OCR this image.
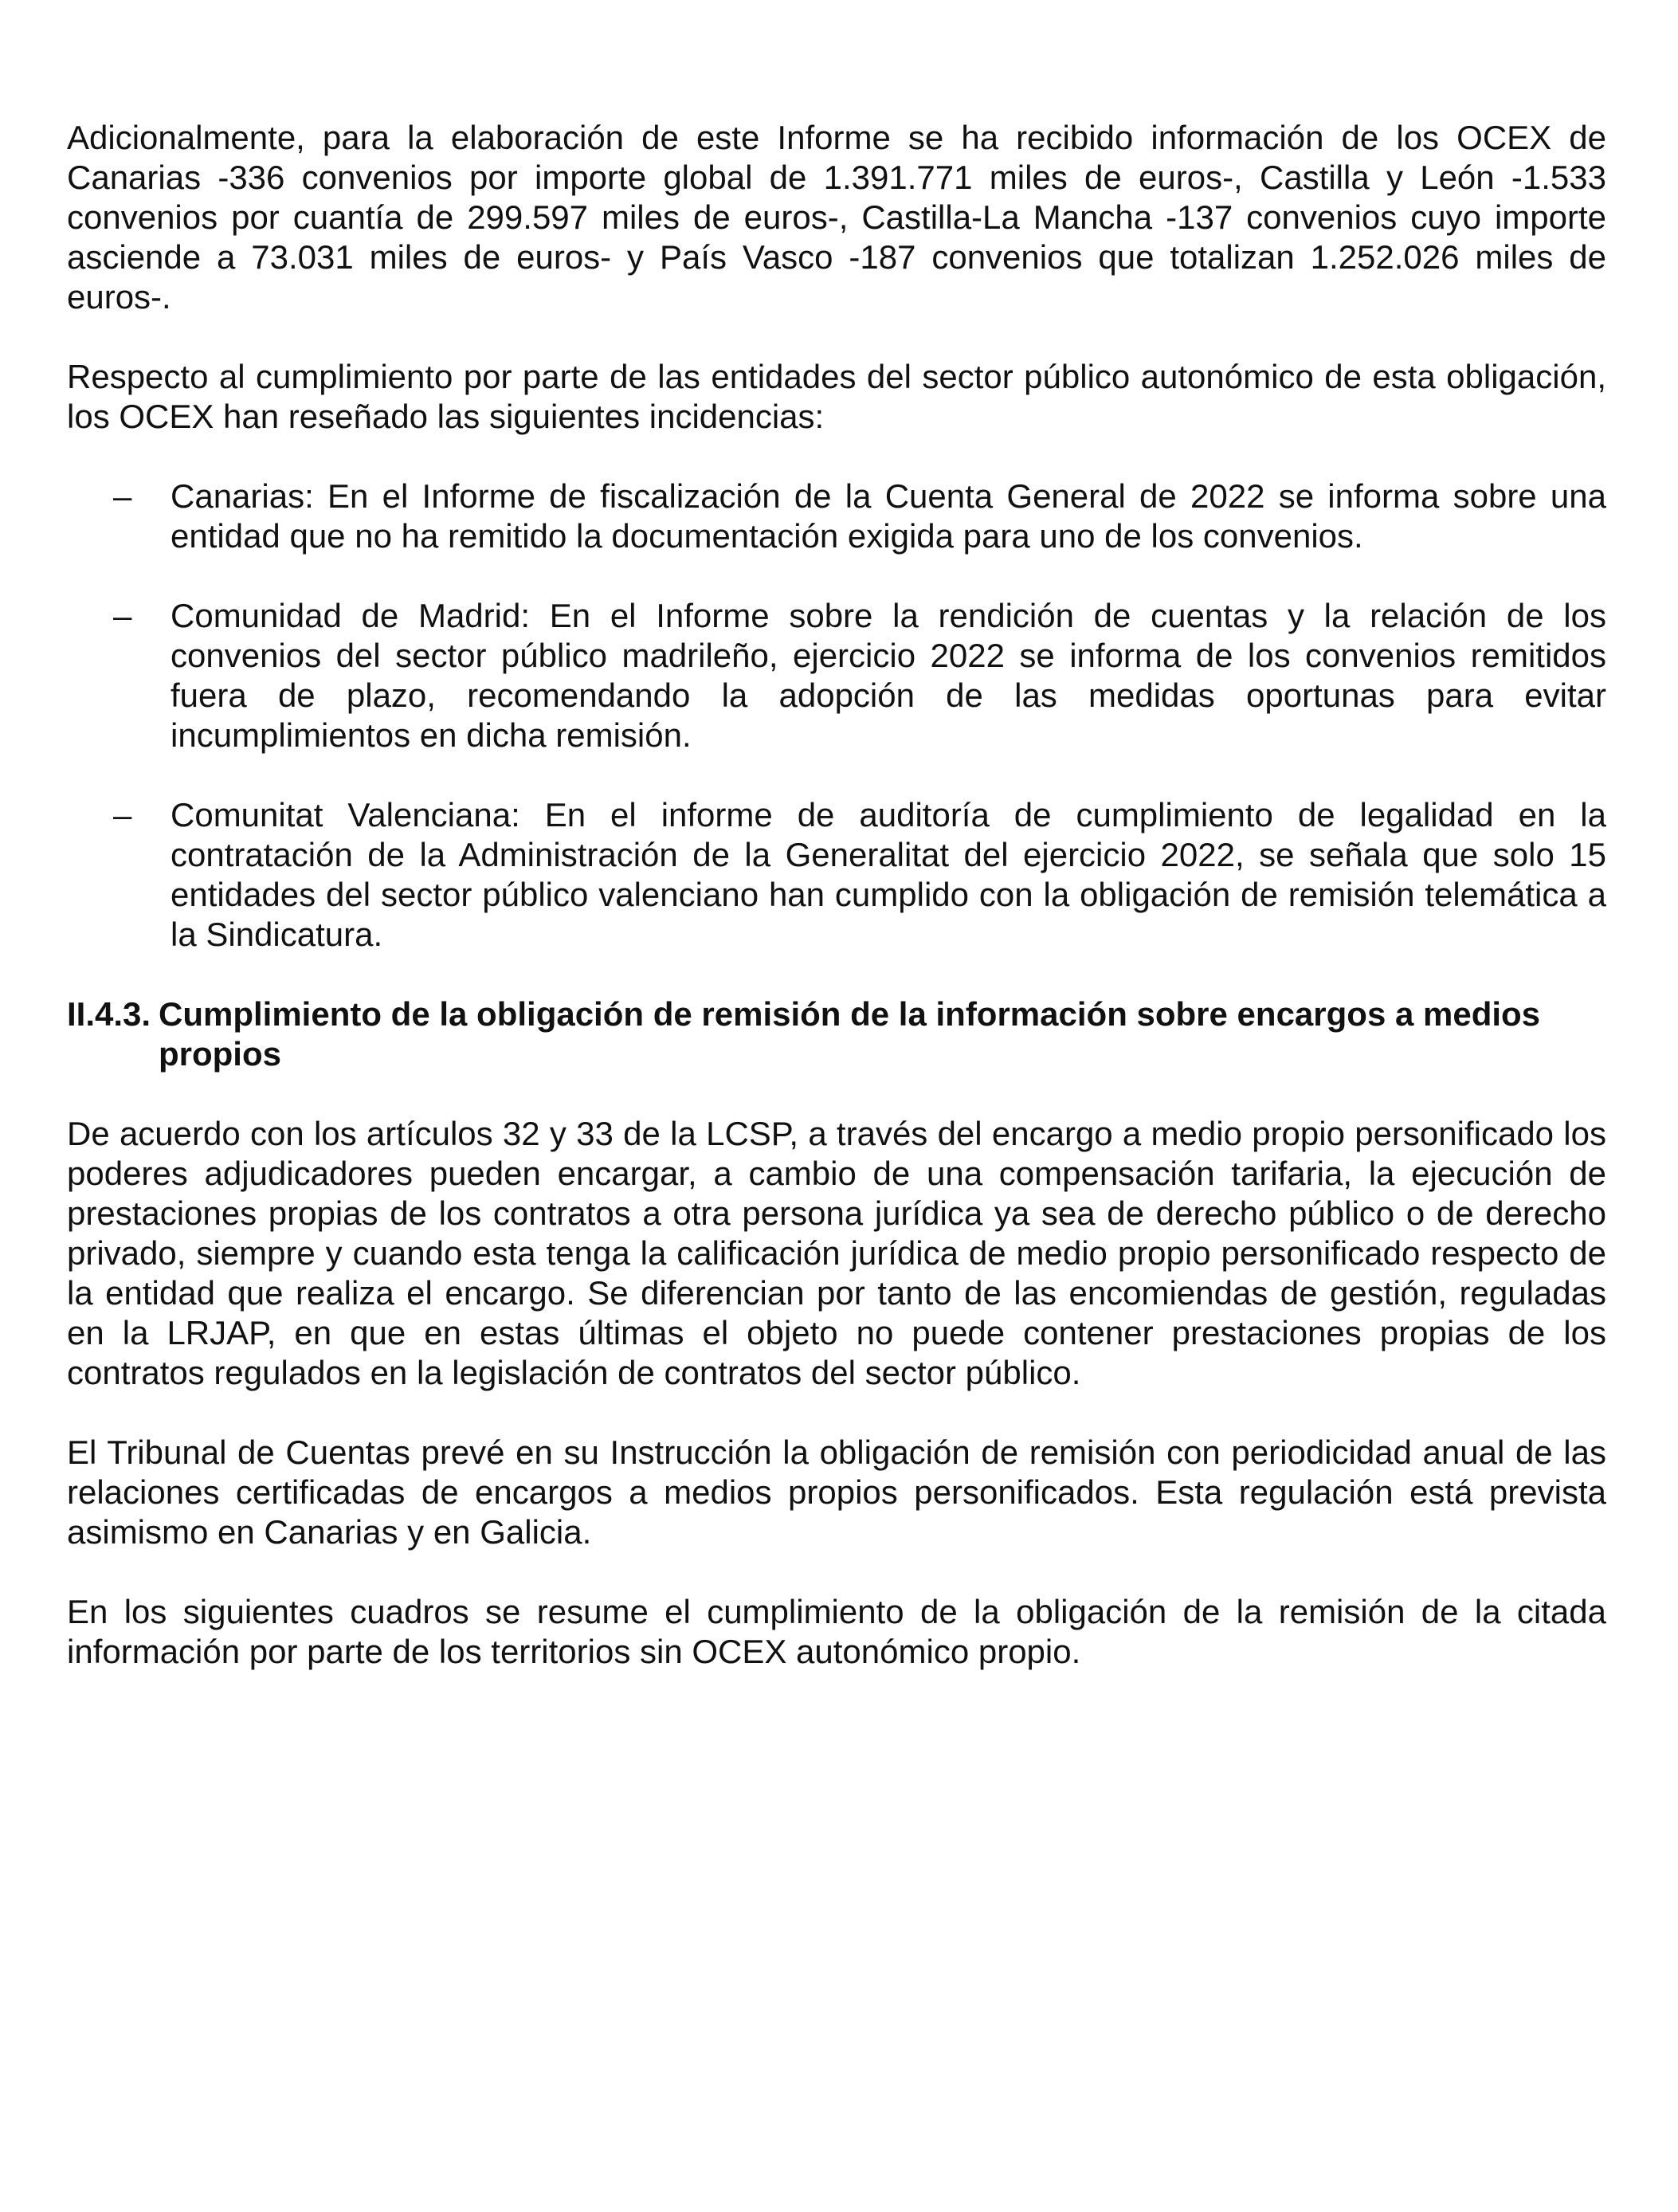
Adicionalmente, para la elaboración de este Informe se ha recibido información de los OCEX de Canarias -336 convenios por importe global de 1.391.771 miles de euros-, Castilla y León -1.533 convenios por cuantía de 299.597 miles de euros-, Castilla-La Mancha -137 convenios cuyo importe asciende a 73.031 miles de euros- y País Vasco -187 convenios que totalizan 1.252.026 miles de euros-.

Respecto al cumplimiento por parte de las entidades del sector público autonómico de esta obligación, los OCEX han reseñado las siguientes incidencias:

– Canarias: En el Informe de fiscalización de la Cuenta General de 2022 se informa sobre una entidad que no ha remitido la documentación exigida para uno de los convenios.
– Comunidad de Madrid: En el Informe sobre la rendición de cuentas y la relación de los convenios del sector público madrileño, ejercicio 2022 se informa de los convenios remitidos fuera de plazo, recomendando la adopción de las medidas oportunas para evitar incumplimientos en dicha remisión.
– Comunitat Valenciana: En el informe de auditoría de cumplimiento de legalidad en la contratación de la Administración de la Generalitat del ejercicio 2022, se señala que solo 15 entidades del sector público valenciano han cumplido con la obligación de remisión telemática a la Sindicatura.
II.4.3. Cumplimiento de la obligación de remisión de la información sobre encargos a medios propios

De acuerdo con los artículos 32 y 33 de la LCSP, a través del encargo a medio propio personificado los poderes adjudicadores pueden encargar, a cambio de una compensación tarifaria, la ejecución de prestaciones propias de los contratos a otra persona jurídica ya sea de derecho público o de derecho privado, siempre y cuando esta tenga la calificación jurídica de medio propio personificado respecto de la entidad que realiza el encargo. Se diferencian por tanto de las encomiendas de gestión, reguladas en la LRJAP, en que en estas últimas el objeto no puede contener prestaciones propias de los contratos regulados en la legislación de contratos del sector público.

El Tribunal de Cuentas prevé en su Instrucción la obligación de remisión con periodicidad anual de las relaciones certificadas de encargos a medios propios personificados. Esta regulación está prevista asimismo en Canarias y en Galicia.

En los siguientes cuadros se resume el cumplimiento de la obligación de la remisión de la citada información por parte de los territorios sin OCEX autonómico propio.
